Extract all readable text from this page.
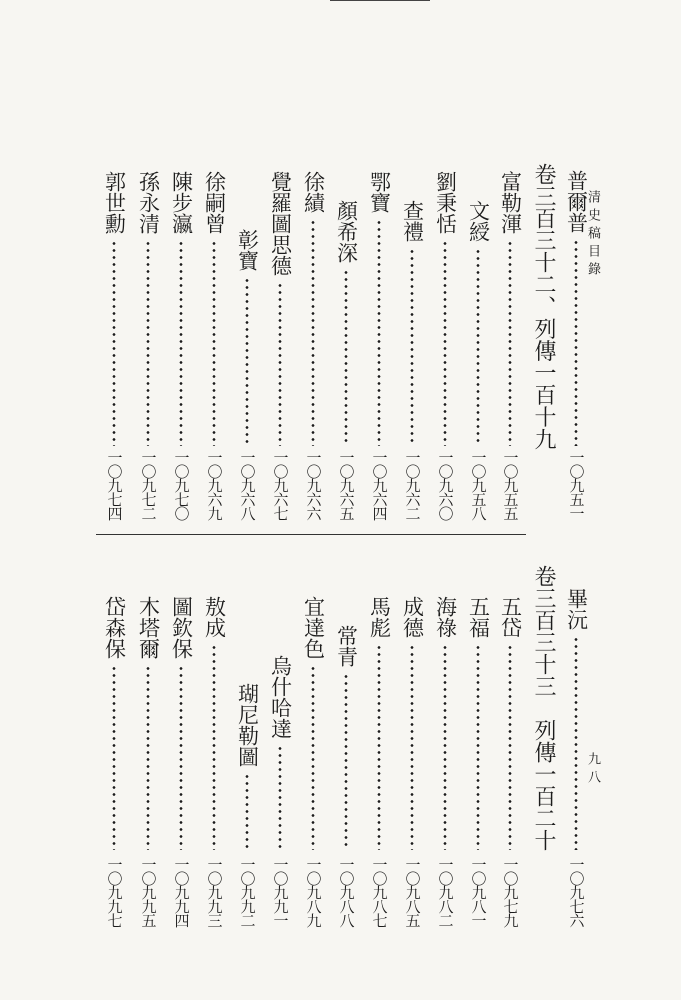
清史稿目錄
九八
普爾普
一〇九五一
卷三百三十二、列傳一百十九
富勒渾
一〇九五五
文綬
一〇九五八
劉秉恬
一〇九六〇
查禮
一〇九六二
鄂寶
一〇九六四
顏希深
一〇九六五
徐績
一〇九六六
覺羅圖思德
一〇九六七
彰寶
一〇九六八
徐嗣曾
一〇九六九
陳步瀛
一〇九七〇
孫永清
一〇九七二
郭世勳
一〇九七四
畢沅
一〇九七六
卷三百三十三　列傳一百二十
五岱
一〇九七九
五福
一〇九八一
海祿
一〇九八二
成德
一〇九八五
馬彪
一〇九八七
常青
一〇九八八
宜達色
一〇九八九
烏什哈達
一〇九九一
瑚尼勒圖
一〇九九二
敖成
一〇九九三
圖欽保
一〇九九四
木塔爾
一〇九九五
岱森保
一〇九九七
